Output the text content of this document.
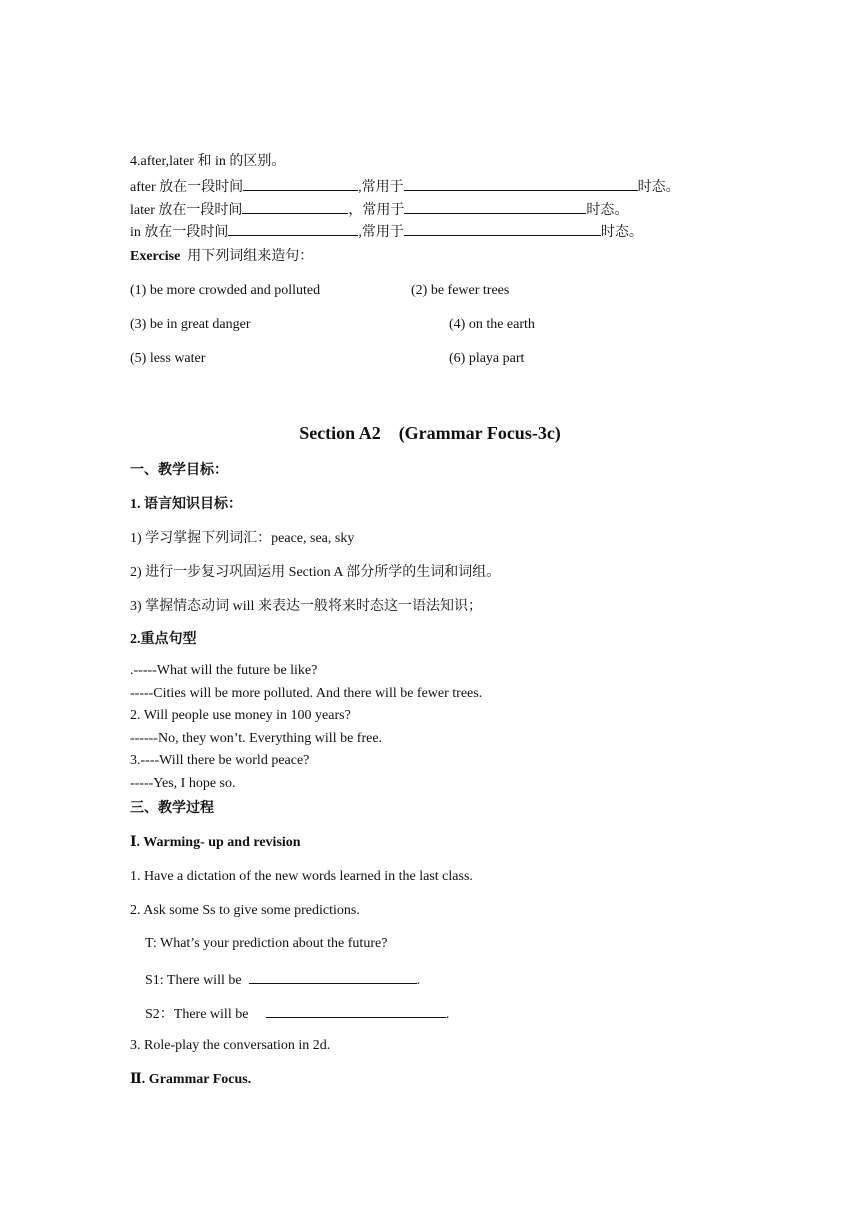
4.after,later 和 in 的区别。
after 放在一段时间	,常用于	时态。
later 放在一段时间	，常用于	时态。
in 放在一段时间	,常用于	时态。
Exercise 用下列词组来造句：
(1) be more crowded and polluted	(2) be fewer trees
(3) be in great danger	(4) on the earth
(5) less water	(6) playa part
Section A2    (Grammar Focus-3c)
一、教学目标：
1. 语言知识目标：
1) 学习掌握下列词汇：peace, sea, sky
2) 进行一步复习巩固运用 Section A 部分所学的生词和词组。
3) 掌握情态动词 will 来表达一般将来时态这一语法知识；
2.重点句型
.-----What will the future be like?
-----Cities will be more polluted. And there will be fewer trees.
2. Will people use money in 100 years?
------No, they won’t. Everything will be free.
3.----Will there be world peace?
-----Yes, I hope so.
三、教学过程
Ⅰ. Warming- up and revision
1. Have a dictation of the new words learned in the last class.
2. Ask some Ss to give some predictions.
T: What’s your prediction about the future?
S1: There will be	.
S2：There will be	.
3. Role-play the conversation in 2d.
Ⅱ. Grammar Focus.
